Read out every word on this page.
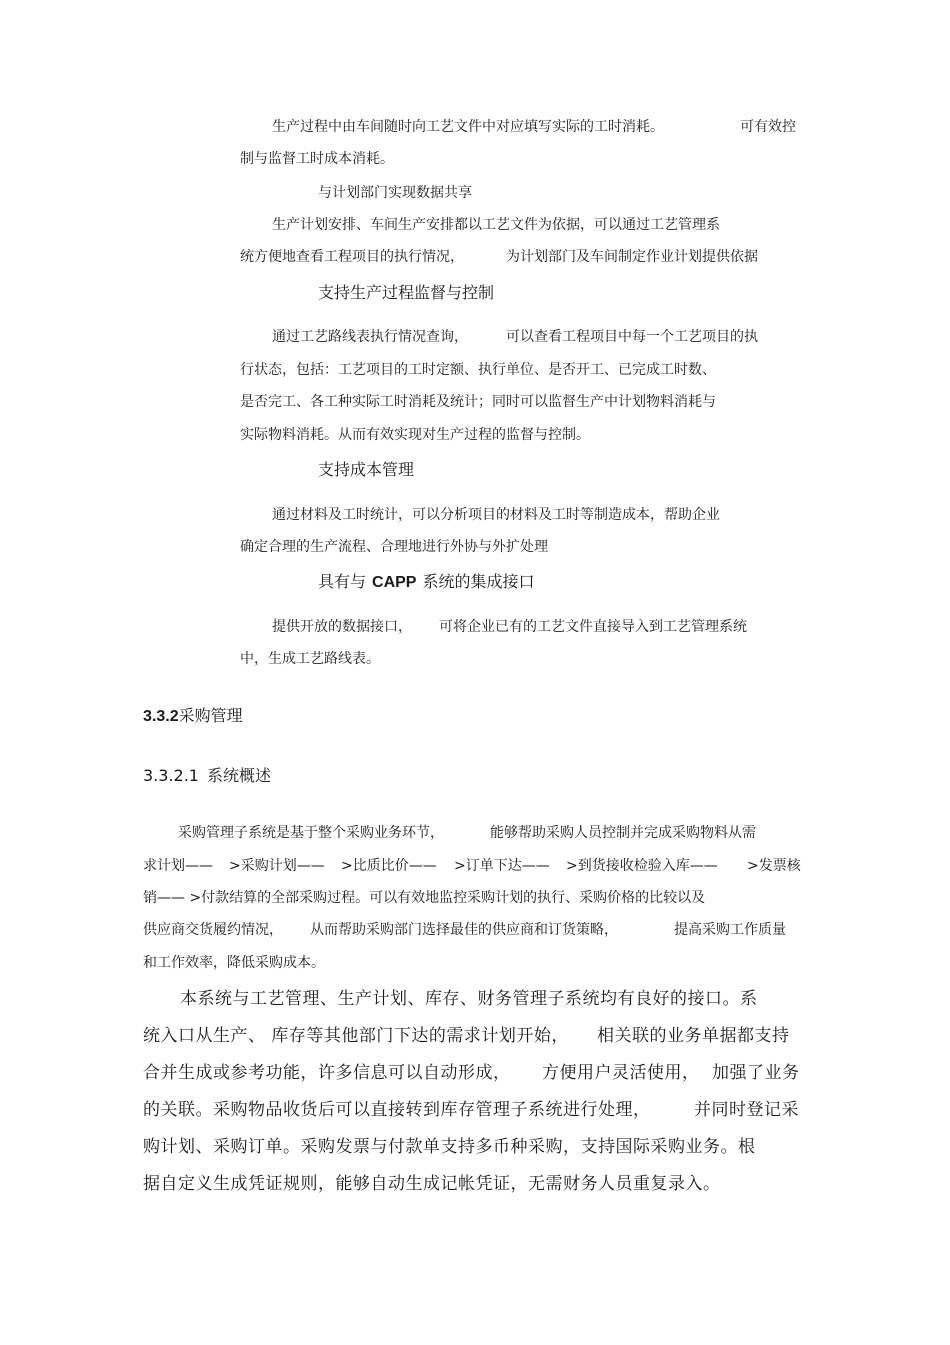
生产过程中由车间随时向工艺文件中对应填写实际的工时消耗。	可有效控
制与监督工时成本消耗。
与计划部门实现数据共享
生产计划安排、车间生产安排都以工艺文件为依据，可以通过工艺管理系
统方便地查看工程项目的执行情况，	为计划部门及车间制定作业计划提供依据
支持生产过程监督与控制
通过工艺路线表执行情况查询，	可以查看工程项目中每一个工艺项目的执
行状态，包括：工艺项目的工时定额、执行单位、是否开工、已完成工时数、
是否完工、各工种实际工时消耗及统计；同时可以监督生产中计划物料消耗与
实际物料消耗。从而有效实现对生产过程的监督与控制。
支持成本管理
通过材料及工时统计，可以分析项目的材料及工时等制造成本，帮助企业
确定合理的生产流程、合理地进行外协与外扩处理
具有与 CAPP 系统的集成接口
提供开放的数据接口， 可将企业已有的工艺文件直接导入到工艺管理系统
中，生成工艺路线表。
3.3.2采购管理
3.3.2.1 系统概述
采购管理子系统是基于整个采购业务环节，	能够帮助采购人员控制并完成采购物料从需
求计划—— >采购计划—— >比质比价—— >订单下达—— >到货接收检验入库—— >发票核
销—— >付款结算的全部采购过程。可以有效地监控采购计划的执行、采购价格的比较以及
供应商交货履约情况， 从而帮助采购部门选择最佳的供应商和订货策略，	提高采购工作质量
和工作效率，降低采购成本。
本系统与工艺管理、生产计划、库存、财务管理子系统均有良好的接口。系
统入口从生产、 库存等其他部门下达的需求计划开始， 相关联的业务单据都支持
合并生成或参考功能，许多信息可以自动形成， 方便用户灵活使用， 加强了业务
的关联。采购物品收货后可以直接转到库存管理子系统进行处理，	并同时登记采
购计划、采购订单。采购发票与付款单支持多币种采购，支持国际采购业务。根
据自定义生成凭证规则，能够自动生成记帐凭证，无需财务人员重复录入。
